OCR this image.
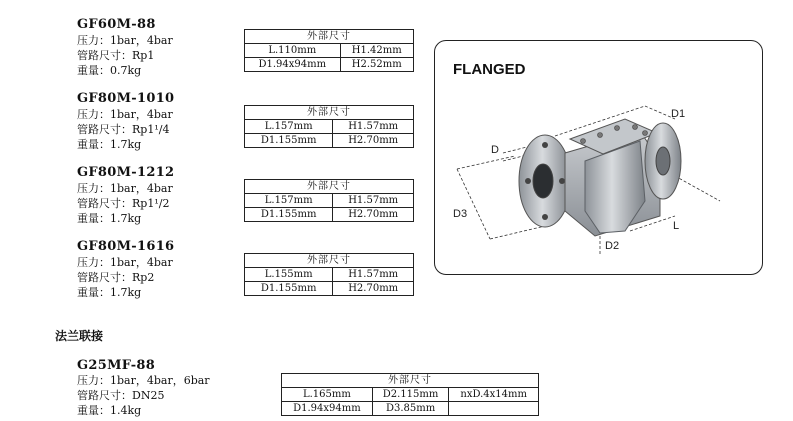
GF60M-88
压力：1bar，4bar
管路尺寸：Rp1
重量：0.7kg
外部尺寸	
L.110mm	H1.42mm
D1.94x94mm	H2.52mm
GF80M-1010
压力：1bar，4bar
管路尺寸：Rp1¹/4
重量：1.7kg
外部尺寸	
L.157mm	H1.57mm
D1.155mm	H2.70mm
GF80M-1212
压力：1bar，4bar
管路尺寸：Rp1¹/2
重量：1.7kg
外部尺寸	
L.157mm	H1.57mm
D1.155mm	H2.70mm
GF80M-1616
压力：1bar，4bar
管路尺寸：Rp2
重量：1.7kg
外部尺寸	
L.155mm	H1.57mm
D1.155mm	H2.70mm
法兰联接
G25MF-88
压力：1bar，4bar，6bar
管路尺寸：DN25
重量：1.4kg
外部尺寸		
L.165mm	D2.115mm	nxD.4x14mm
D1.94x94mm	D3.85mm	
FLANGED
D1
D
D3
D2
L
